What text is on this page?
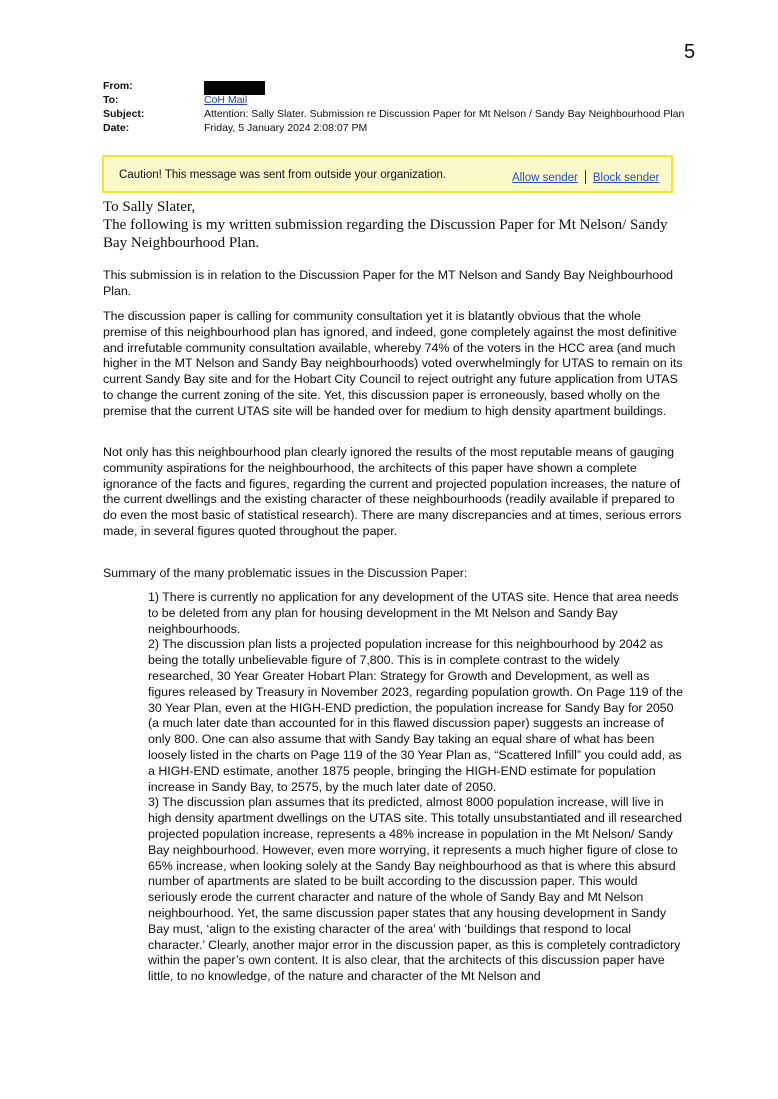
5
From:
To:	CoH Mail
Subject:	Attention: Sally Slater. Submission re Discussion Paper for Mt Nelson / Sandy Bay Neighbourhood Plan
Date:	Friday, 5 January 2024 2:08:07 PM
Caution! This message was sent from outside your organization.	Allow sender Block sender

To Sally Slater,

The following is my written submission regarding the Discussion Paper for Mt Nelson/ Sandy Bay Neighbourhood Plan.

This submission is in relation to the Discussion Paper for the MT Nelson and Sandy Bay Neighbourhood Plan.

The discussion paper is calling for community consultation yet it is blatantly obvious that the whole premise of this neighbourhood plan has ignored, and indeed, gone completely against the most definitive and irrefutable community consultation available, whereby 74% of the voters in the HCC area (and much higher in the MT Nelson and Sandy Bay neighbourhoods) voted overwhelmingly for UTAS to remain on its current Sandy Bay site and for the Hobart City Council to reject outright any future application from UTAS to change the current zoning of the site. Yet, this discussion paper is erroneously, based wholly on the premise that the current UTAS site will be handed over for medium to high density apartment buildings.

Not only has this neighbourhood plan clearly ignored the results of the most reputable means of gauging community aspirations for the neighbourhood, the architects of this paper have shown a complete ignorance of the facts and figures, regarding the current and projected population increases, the nature of the current dwellings and the existing character of these neighbourhoods (readily available if prepared to do even the most basic of statistical research). There are many discrepancies and at times, serious errors made, in several figures quoted throughout the paper.

Summary of the many problematic issues in the Discussion Paper:

1) There is currently no application for any development of the UTAS site. Hence that area needs to be deleted from any plan for housing development in the Mt Nelson and Sandy Bay neighbourhoods.

2) The discussion plan lists a projected population increase for this neighbourhood by 2042 as being the totally unbelievable figure of 7,800. This is in complete contrast to the widely researched, 30 Year Greater Hobart Plan: Strategy for Growth and Development, as well as figures released by Treasury in November 2023, regarding population growth. On Page 119 of the 30 Year Plan, even at the HIGH-END prediction, the population increase for Sandy Bay for 2050 (a much later date than accounted for in this flawed discussion paper) suggests an increase of only 800. One can also assume that with Sandy Bay taking an equal share of what has been loosely listed in the charts on Page 119 of the 30 Year Plan as, “Scattered Infill” you could add, as a HIGH-END estimate, another 1875 people, bringing the HIGH-END estimate for population increase in Sandy Bay, to 2575, by the much later date of 2050.

3) The discussion plan assumes that its predicted, almost 8000 population increase, will live in high density apartment dwellings on the UTAS site. This totally unsubstantiated and ill researched projected population increase, represents a 48% increase in population in the Mt Nelson/ Sandy Bay neighbourhood. However, even more worrying, it represents a much higher figure of close to 65% increase, when looking solely at the Sandy Bay neighbourhood as that is where this absurd number of apartments are slated to be built according to the discussion paper. This would seriously erode the current character and nature of the whole of Sandy Bay and Mt Nelson neighbourhood. Yet, the same discussion paper states that any housing development in Sandy Bay must, ‘align to the existing character of the area’ with ‘buildings that respond to local character.’ Clearly, another major error in the discussion paper, as this is completely contradictory within the paper’s own content. It is also clear, that the architects of this discussion paper have little, to no knowledge, of the nature and character of the Mt Nelson and
